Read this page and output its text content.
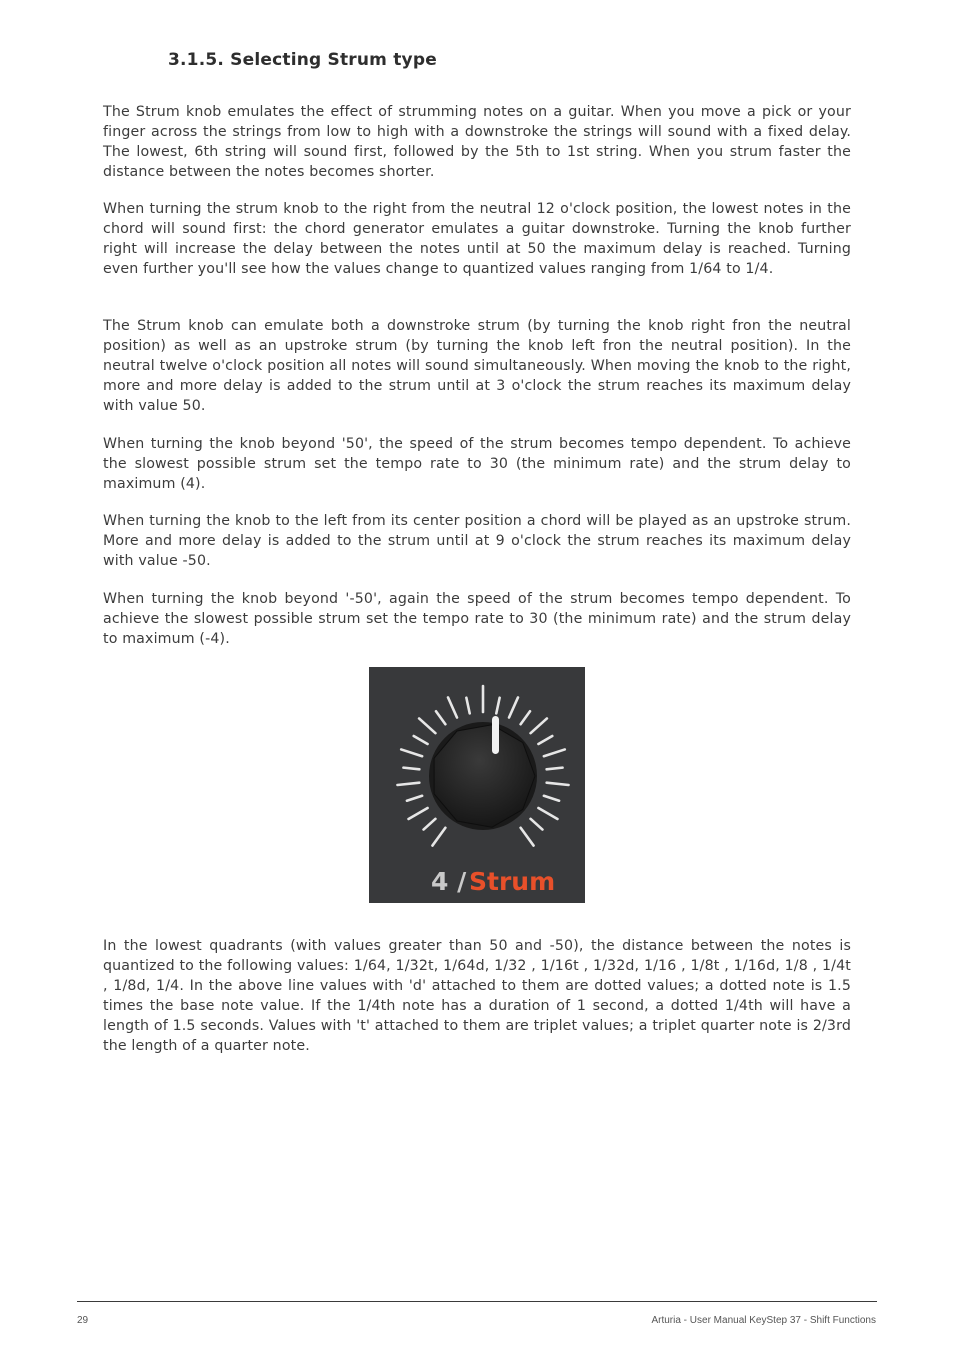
3.1.5. Selecting Strum type

The Strum knob emulates the effect of strumming notes on a guitar. When you move a pick or your finger across the strings from low to high with a downstroke the strings will sound with a fixed delay. The lowest, 6th string will sound first, followed by the 5th to 1st string. When you strum faster the distance between the notes becomes shorter.

When turning the strum knob to the right from the neutral 12 o'clock position, the lowest notes in the chord will sound first: the chord generator emulates a guitar downstroke. Turning the knob further right will increase the delay between the notes until at 50 the maximum delay is reached. Turning even further you'll see how the values change to quantized values ranging from 1/64 to 1/4.

The Strum knob can emulate both a downstroke strum (by turning the knob right fron the neutral position) as well as an upstroke strum (by turning the knob left fron the neutral position). In the neutral twelve o'clock position all notes will sound simultaneously. When moving the knob to the right, more and more delay is added to the strum until at 3 o'clock the strum reaches its maximum delay with value 50.

When turning the knob beyond '50', the speed of the strum becomes tempo dependent. To achieve the slowest possible strum set the tempo rate to 30 (the minimum rate) and the strum delay to maximum (4).

When turning the knob to the left from its center position a chord will be played as an upstroke strum. More and more delay is added to the strum until at 9 o'clock the strum reaches its maximum delay with value -50.

When turning the knob beyond '-50', again the speed of the strum becomes tempo dependent. To achieve the slowest possible strum set the tempo rate to 30 (the minimum rate) and the strum delay to maximum (-4).

4 / Strum

In the lowest quadrants (with values greater than 50 and -50), the distance between the notes is quantized to the following values: 1/64, 1/32t, 1/64d, 1/32 , 1/16t , 1/32d, 1/16 , 1/8t , 1/16d, 1/8 , 1/4t , 1/8d, 1/4. In the above line values with 'd' attached to them are dotted values; a dotted note is 1.5 times the base note value. If the 1/4th note has a duration of 1 second, a dotted 1/4th will have a length of 1.5 seconds. Values with 't' attached to them are triplet values; a triplet quarter note is 2/3rd the length of a quarter note.

29	Arturia - User Manual KeyStep 37 - Shift Functions
